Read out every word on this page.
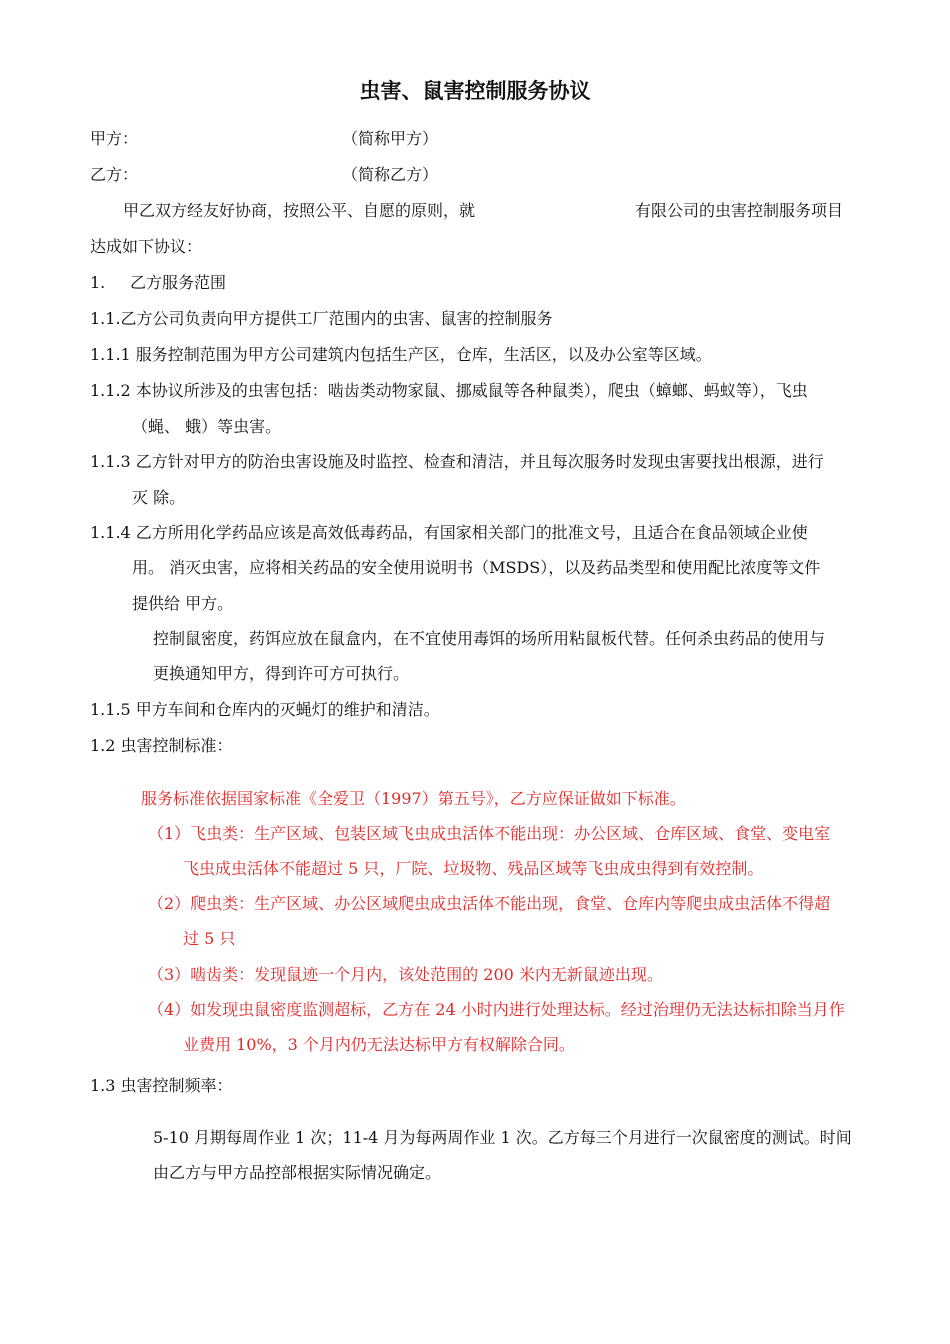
虫害、鼠害控制服务协议
甲方：	（简称甲方）
乙方：	（简称乙方）
甲乙双方经友好协商，按照公平、自愿的原则，就	有限公司的虫害控制服务项目
达成如下协议：
1. 乙方服务范围
1.1.乙方公司负责向甲方提供工厂范围内的虫害、鼠害的控制服务
1.1.1 服务控制范围为甲方公司建筑内包括生产区，仓库，生活区，以及办公室等区域。
1.1.2 本协议所涉及的虫害包括：啮齿类动物家鼠、挪威鼠等各种鼠类），爬虫（蟑螂、蚂蚁等），飞虫
（蝇、 蛾）等虫害。
1.1.3 乙方针对甲方的防治虫害设施及时监控、检查和清洁，并且每次服务时发现虫害要找出根源，进行
灭 除。
1.1.4 乙方所用化学药品应该是高效低毒药品，有国家相关部门的批准文号，且适合在食品领域企业使
用。 消灭虫害，应将相关药品的安全使用说明书（MSDS），以及药品类型和使用配比浓度等文件
提供给 甲方。
控制鼠密度，药饵应放在鼠盒内，在不宜使用毒饵的场所用粘鼠板代替。任何杀虫药品的使用与
更换通知甲方，得到许可方可执行。
1.1.5 甲方车间和仓库内的灭蝇灯的维护和清洁。
1.2 虫害控制标准：
服务标准依据国家标准《全爱卫（1997）第五号》，乙方应保证做如下标准。
（1）飞虫类：生产区域、包装区域飞虫成虫活体不能出现：办公区域、仓库区域、食堂、变电室
飞虫成虫活体不能超过 5 只，厂院、垃圾物、残品区域等飞虫成虫得到有效控制。
（2）爬虫类：生产区域、办公区域爬虫成虫活体不能出现，食堂、仓库内等爬虫成虫活体不得超
过 5 只
（3）啮齿类：发现鼠迹一个月内，该处范围的 200 米内无新鼠迹出现。
（4）如发现虫鼠密度监测超标，乙方在 24 小时内进行处理达标。经过治理仍无法达标扣除当月作
业费用 10%，3 个月内仍无法达标甲方有权解除合同。
1.3 虫害控制频率：
5-10 月期每周作业 1 次；11-4 月为每两周作业 1 次。乙方每三个月进行一次鼠密度的测试。时间
由乙方与甲方品控部根据实际情况确定。
